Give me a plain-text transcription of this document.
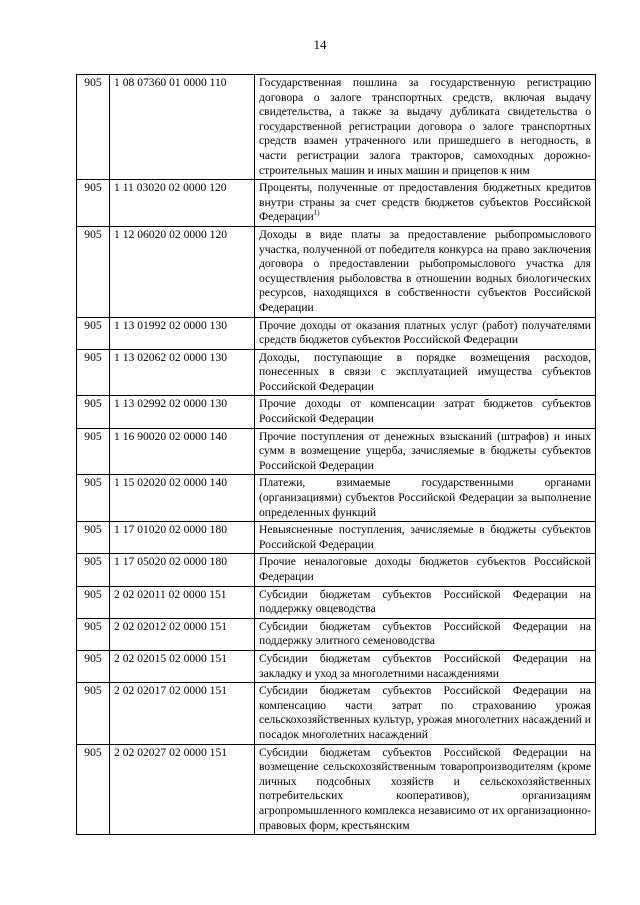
14
905	1 08 07360 01 0000 110	Государственная пошлина за государственную регистрацию договора о залоге транспортных средств, включая выдачу свидетельства, а также за выдачу дубликата свидетельства о государственной регистрации договора о залоге транспортных средств взамен утраченного или пришедшего в негодность, в части регистрации залога тракторов, самоходных дорожно-строительных машин и иных машин и прицепов к ним
905	1 11 03020 02 0000 120	Проценты, полученные от предоставления бюджетных кредитов внутри страны за счет средств бюджетов субъектов Российской Федерации$^{1)}$
905	1 12 06020 02 0000 120	Доходы в виде платы за предоставление рыбопромыслового участка, полученной от победителя конкурса на право заключения договора о предоставлении рыбопромыслового участка для осуществления рыболовства в отношении водных биологических ресурсов, находящихся в собственности субъектов Российской Федерации
905	1 13 01992 02 0000 130	Прочие доходы от оказания платных услуг (работ) получателями средств бюджетов субъектов Российской Федерации
905	1 13 02062 02 0000 130	Доходы, поступающие в порядке возмещения расходов, понесенных в связи с эксплуатацией имущества субъектов Российской Федерации
905	1 13 02992 02 0000 130	Прочие доходы от компенсации затрат бюджетов субъектов Российской Федерации
905	1 16 90020 02 0000 140	Прочие поступления от денежных взысканий (штрафов) и иных сумм в возмещение ущерба, зачисляемые в бюджеты субъектов Российской Федерации
905	1 15 02020 02 0000 140	Платежи, взимаемые государственными органами (организациями) субъектов Российской Федерации за выполнение определенных функций
905	1 17 01020 02 0000 180	Невыясненные поступления, зачисляемые в бюджеты субъектов Российской Федерации
905	1 17 05020 02 0000 180	Прочие неналоговые доходы бюджетов субъектов Российской Федерации
905	2 02 02011 02 0000 151	Субсидии бюджетам субъектов Российской Федерации на поддержку овцеводства
905	2 02 02012 02 0000 151	Субсидии бюджетам субъектов Российской Федерации на поддержку элитного семеноводства
905	2 02 02015 02 0000 151	Субсидии бюджетам субъектов Российской Федерации на закладку и уход за многолетними насаждениями
905	2 02 02017 02 0000 151	Субсидии бюджетам субъектов Российской Федерации на компенсацию части затрат по страхованию урожая сельскохозяйственных культур, урожая многолетних насаждений и посадок многолетних насаждений
905	2 02 02027 02 0000 151	Субсидии бюджетам субъектов Российской Федерации на возмещение сельскохозяйственным товаропроизводителям (кроме личных подсобных хозяйств и сельскохозяйственных потребительских кооперативов), организациям агропромышленного комплекса независимо от их организационно-правовых форм, крестьянским
